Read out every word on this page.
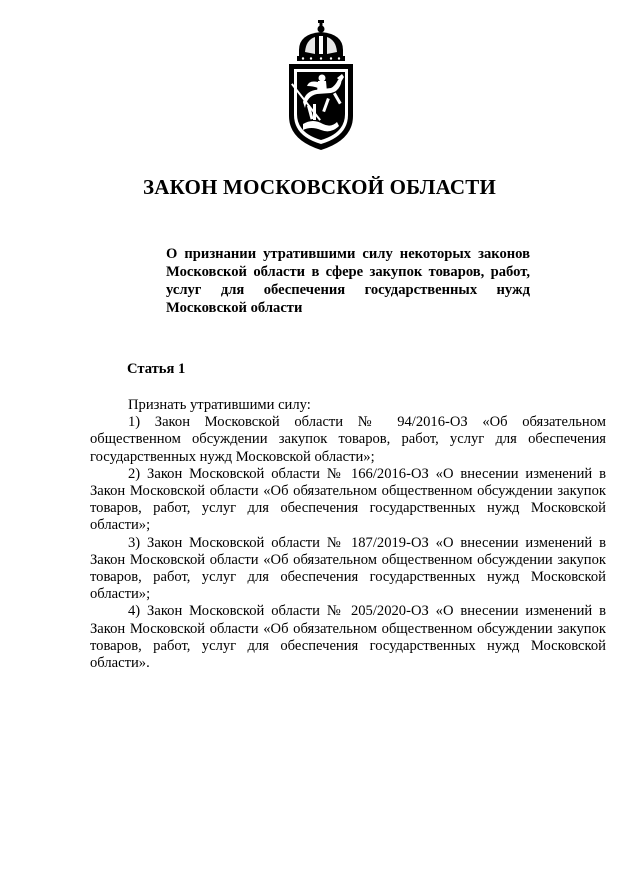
ЗАКОН МОСКОВСКОЙ ОБЛАСТИ
О признании утратившими силу некоторых законов Московской области в сфере закупок товаров, работ, услуг для обеспечения государственных нужд Московской области
Статья 1

Признать утратившими силу:

1) Закон Московской области № 94/2016-ОЗ «Об обязательном общественном обсуждении закупок товаров, работ, услуг для обеспечения государственных нужд Московской области»;

2) Закон Московской области № 166/2016-ОЗ «О внесении изменений в Закон Московской области «Об обязательном общественном обсуждении закупок товаров, работ, услуг для обеспечения государственных нужд Московской области»;

3) Закон Московской области № 187/2019-ОЗ «О внесении изменений в Закон Московской области «Об обязательном общественном обсуждении закупок товаров, работ, услуг для обеспечения государственных нужд Московской области»;

4) Закон Московской области № 205/2020-ОЗ «О внесении изменений в Закон Московской области «Об обязательном общественном обсуждении закупок товаров, работ, услуг для обеспечения государственных нужд Московской области».
